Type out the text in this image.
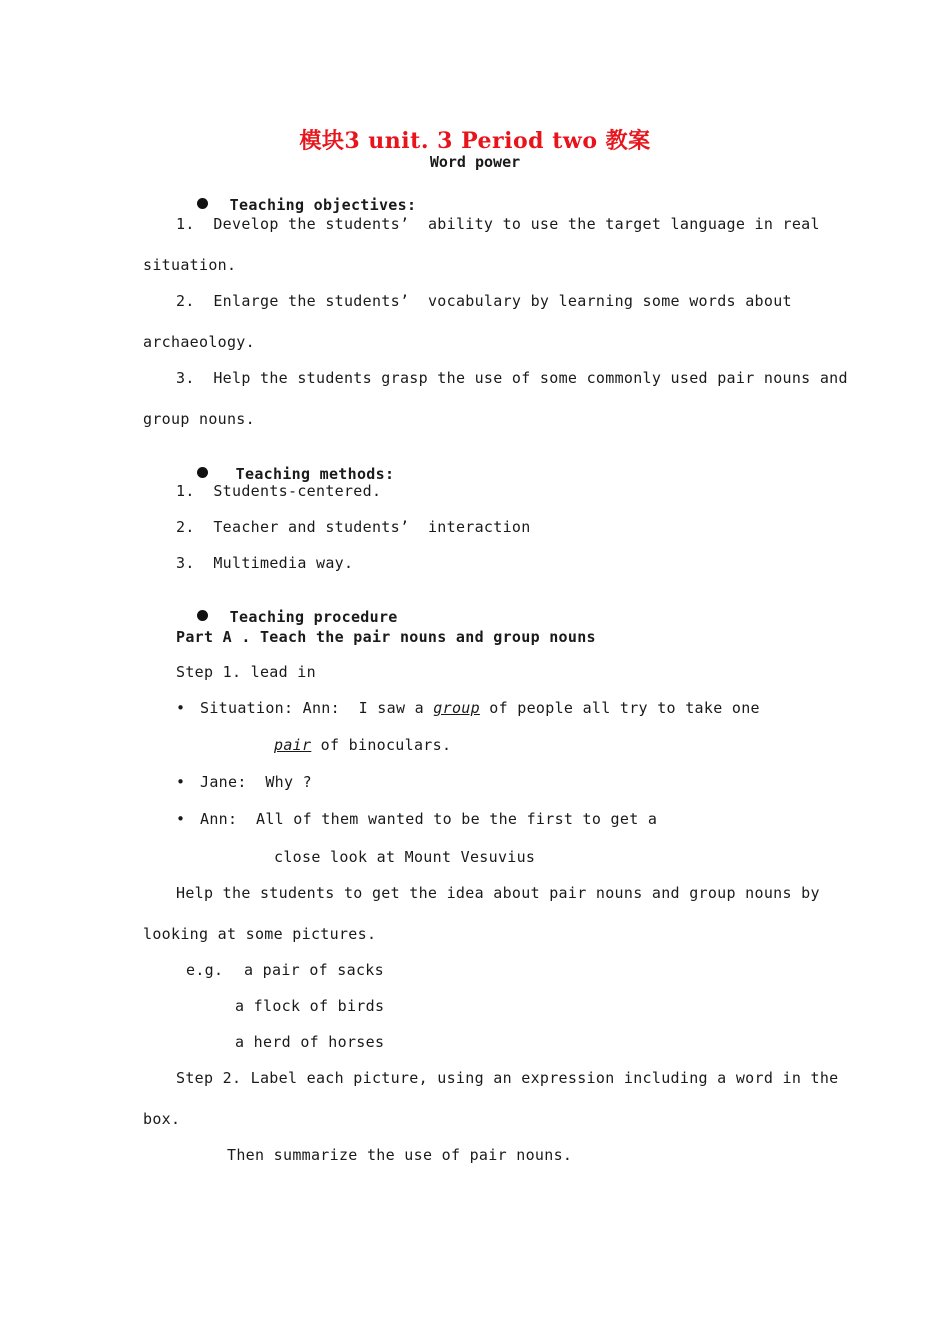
模块3 unit. 3 Period two 教案
Word power

Teaching objectives:

1. Develop the students’  ability to use the target language in real
situation.
2. Enlarge the students’  vocabulary by learning some words about
archaeology.
3. Help the students grasp the use of some commonly used pair nouns and
group nouns.

Teaching methods:

1. Students-centered.
2. Teacher and students’  interaction
3. Multimedia way.

Teaching procedure

Part A . Teach the pair nouns and group nouns
Step 1. lead in
• Situation: Ann:  I saw a group of people all try to take one
pair of binoculars.
• Jane:  Why ?
• Ann:  All of them wanted to be the first to get a
close look at Mount Vesuvius
Help the students to get the idea about pair nouns and group nouns by
looking at some pictures.
e.g. a pair of sacks
a flock of birds
a herd of horses
Step 2. Label each picture, using an expression including a word in the
box.
Then summarize the use of pair nouns.
